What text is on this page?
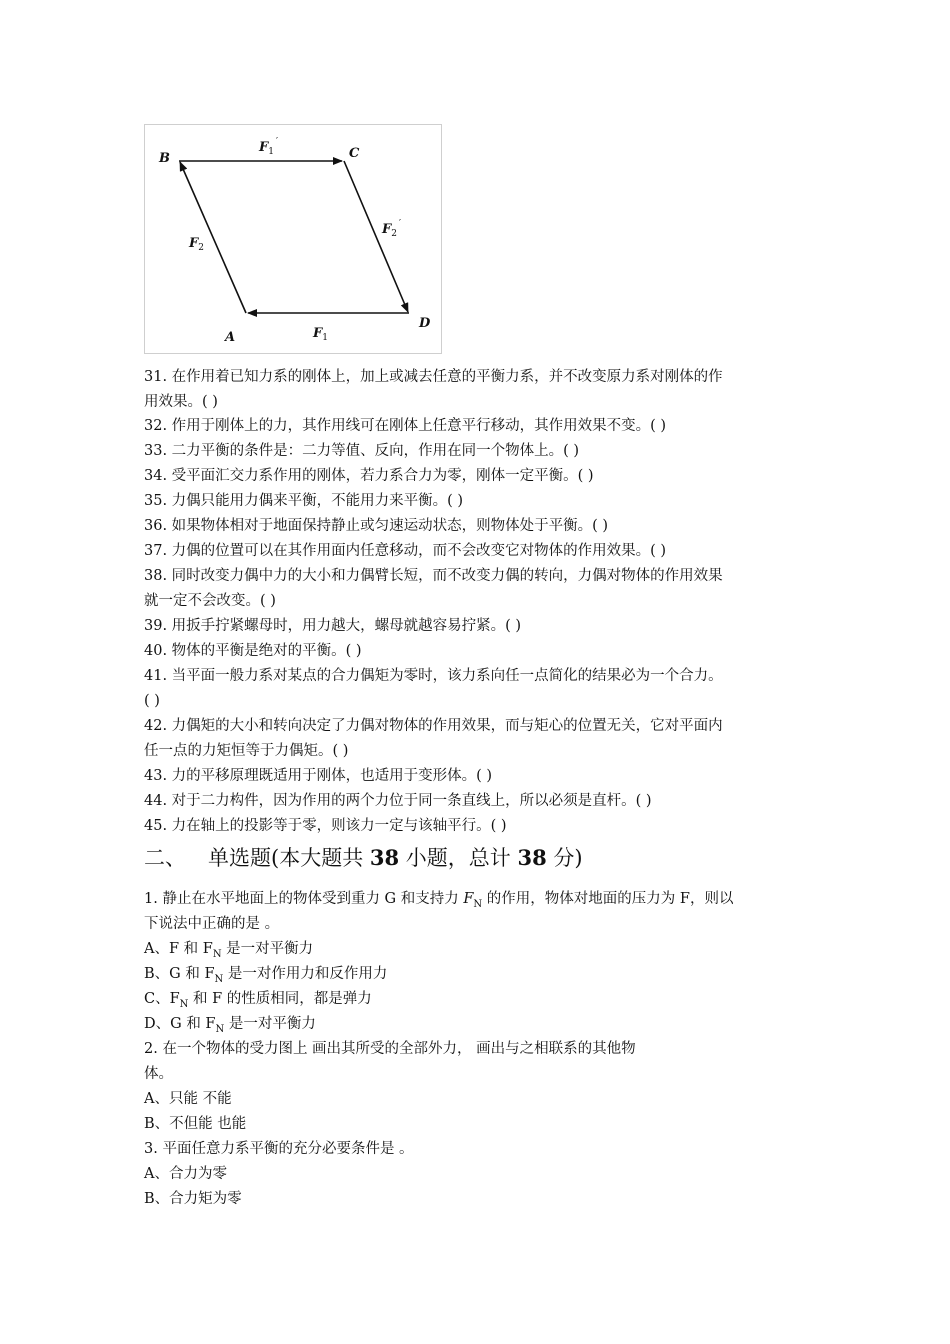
B	C
A
D
$F_1'$
$F_2'$
$F_2$
$F_1$
31. 在作用着已知力系的刚体上，加上或减去任意的平衡力系，并不改变原力系对刚体的作
用效果。( )
32. 作用于刚体上的力，其作用线可在刚体上任意平行移动，其作用效果不变。( )
33. 二力平衡的条件是：二力等值、反向，作用在同一个物体上。( )
34. 受平面汇交力系作用的刚体，若力系合力为零，刚体一定平衡。( )
35. 力偶只能用力偶来平衡，不能用力来平衡。( )
36. 如果物体相对于地面保持静止或匀速运动状态，则物体处于平衡。( )
37. 力偶的位置可以在其作用面内任意移动，而不会改变它对物体的作用效果。( )
38. 同时改变力偶中力的大小和力偶臂长短，而不改变力偶的转向，力偶对物体的作用效果
就一定不会改变。( )
39. 用扳手拧紧螺母时，用力越大，螺母就越容易拧紧。( )
40. 物体的平衡是绝对的平衡。( )
41. 当平面一般力系对某点的合力偶矩为零时，该力系向任一点简化的结果必为一个合力。
( )
42. 力偶矩的大小和转向决定了力偶对物体的作用效果，而与矩心的位置无关，它对平面内
任一点的力矩恒等于力偶矩。( )
43. 力的平移原理既适用于刚体，也适用于变形体。( )
44. 对于二力构件，因为作用的两个力位于同一条直线上，所以必须是直杆。( )
45. 力在轴上的投影等于零，则该力一定与该轴平行。( )
二、 单选题(本大题共 38 小题，总计 38 分)
1. 静止在水平地面上的物体受到重力 G 和支持力 $F_N$ 的作用，物体对地面的压力为 F，则以
下说法中正确的是 。
A、F 和 $F_N$ 是一对平衡力
B、G 和 $F_N$ 是一对作用力和反作用力
C、$F_N$ 和 F 的性质相同，都是弹力
D、G 和 $F_N$ 是一对平衡力
2. 在一个物体的受力图上 画出其所受的全部外力， 画出与之相联系的其他物
体。
A、只能 不能
B、不但能 也能
3. 平面任意力系平衡的充分必要条件是 。
A、合力为零
B、合力矩为零
